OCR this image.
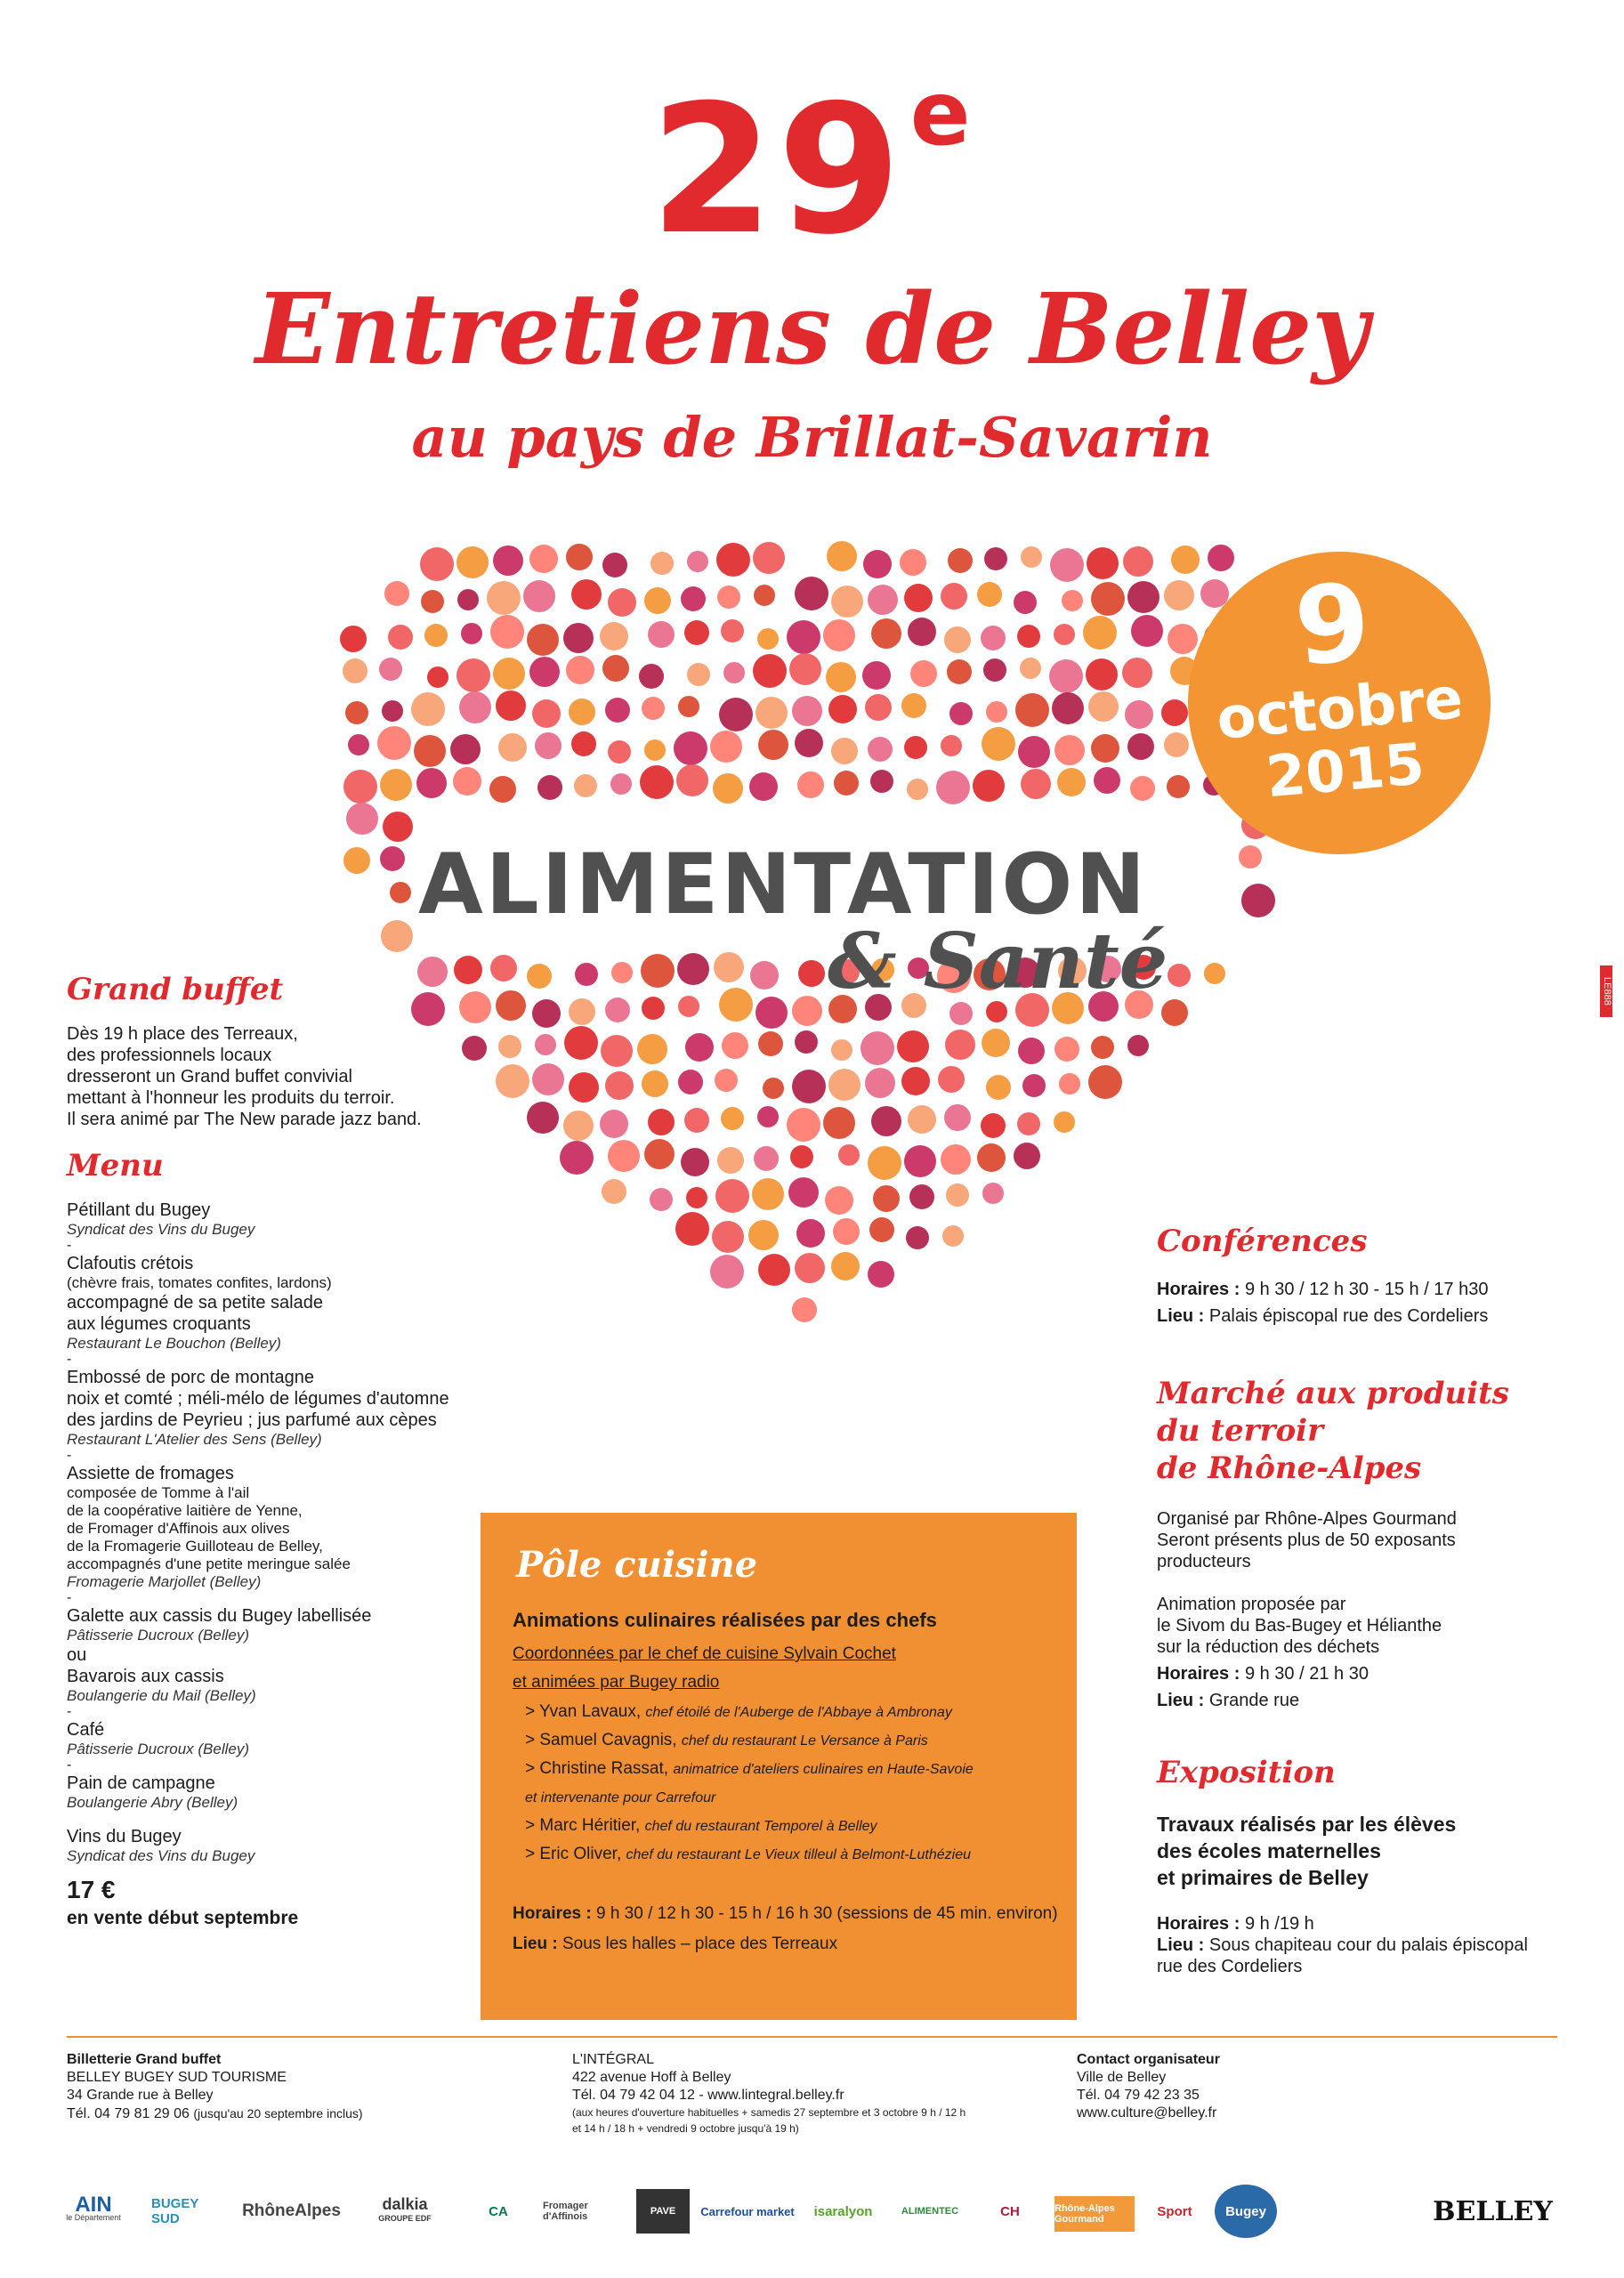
29e
Entretiens de Belley
au pays de Brillat-Savarin
9
octobre
2015
ALIMENTATION
& Santé	LE888
Grand buffet
Dès 19 h place des Terreaux,
des professionnels locaux
dresseront un Grand buffet convivial
mettant à l'honneur les produits du terroir.
Il sera animé par The New parade jazz band.
Menu
Pétillant du Bugey
Syndicat des Vins du Bugey
-
Clafoutis crétois
(chèvre frais, tomates confites, lardons)
accompagné de sa petite salade
aux légumes croquants
Restaurant Le Bouchon (Belley)
-
Embossé de porc de montagne
noix et comté ; méli-mélo de légumes d'automne
des jardins de Peyrieu ; jus parfumé aux cèpes
Restaurant L'Atelier des Sens (Belley)
-
Assiette de fromages
composée de Tomme à l'ail
de la coopérative laitière de Yenne,
de Fromager d'Affinois aux olives
de la Fromagerie Guilloteau de Belley,
accompagnés d'une petite meringue salée
Fromagerie Marjollet (Belley)
-
Galette aux cassis du Bugey labellisée
Pâtisserie Ducroux (Belley)
ou
Bavarois aux cassis
Boulangerie du Mail (Belley)
-
Café
Pâtisserie Ducroux (Belley)
-
Pain de campagne
Boulangerie Abry (Belley)
Vins du Bugey
Syndicat des Vins du Bugey
17 €
en vente début septembre
Pôle cuisine
Animations culinaires réalisées par des chefs
Coordonnées par le chef de cuisine Sylvain Cochet
et animées par Bugey radio
> Yvan Lavaux, chef étoilé de l'Auberge de l'Abbaye à Ambronay
> Samuel Cavagnis, chef du restaurant Le Versance à Paris
> Christine Rassat, animatrice d'ateliers culinaires en Haute-Savoie
et intervenante pour Carrefour
> Marc Héritier, chef du restaurant Temporel à Belley
> Eric Oliver, chef du restaurant Le Vieux tilleul à Belmont-Luthézieu
Horaires : 9 h 30 / 12 h 30 - 15 h / 16 h 30 (sessions de 45 min. environ)
Lieu : Sous les halles – place des Terreaux
Conférences
Horaires : 9 h 30 / 12 h 30 - 15 h / 17 h30
Lieu : Palais épiscopal rue des Cordeliers
Marché aux produits
du terroir
de Rhône-Alpes
Organisé par Rhône-Alpes Gourmand
Seront présents plus de 50 exposants
producteurs
Animation proposée par
le Sivom du Bas-Bugey et Hélianthe
sur la réduction des déchets
Horaires : 9 h 30 / 21 h 30
Lieu : Grande rue
Exposition
Travaux réalisés par les élèves
des écoles maternelles
et primaires de Belley
Horaires : 9 h /19 h
Lieu : Sous chapiteau cour du palais épiscopal
rue des Cordeliers
Billetterie Grand buffet
BELLEY BUGEY SUD TOURISME
34 Grande rue à Belley
Tél. 04 79 81 29 06 (jusqu'au 20 septembre inclus)
L'INTÉGRAL
422 avenue Hoff à Belley
Tél. 04 79 42 04 12 - www.lintegral.belley.fr
(aux heures d'ouverture habituelles + samedis 27 septembre et 3 octobre 9 h / 12 h
et 14 h / 18 h + vendredi 9 octobre jusqu'à 19 h)
Contact organisateur
Ville de Belley
Tél. 04 79 42 23 35
www.culture@belley.fr
AIN
le Département
BUGEY SUD	RhôneAlpes	dalkia
GROUPE EDF	CA	Fromager d'Affinois	PAVE	Carrefour market	isaralyon	ALIMENTEC	CH	Rhône-Alpes Gourmand
Sport	Bugey	BELLEY
